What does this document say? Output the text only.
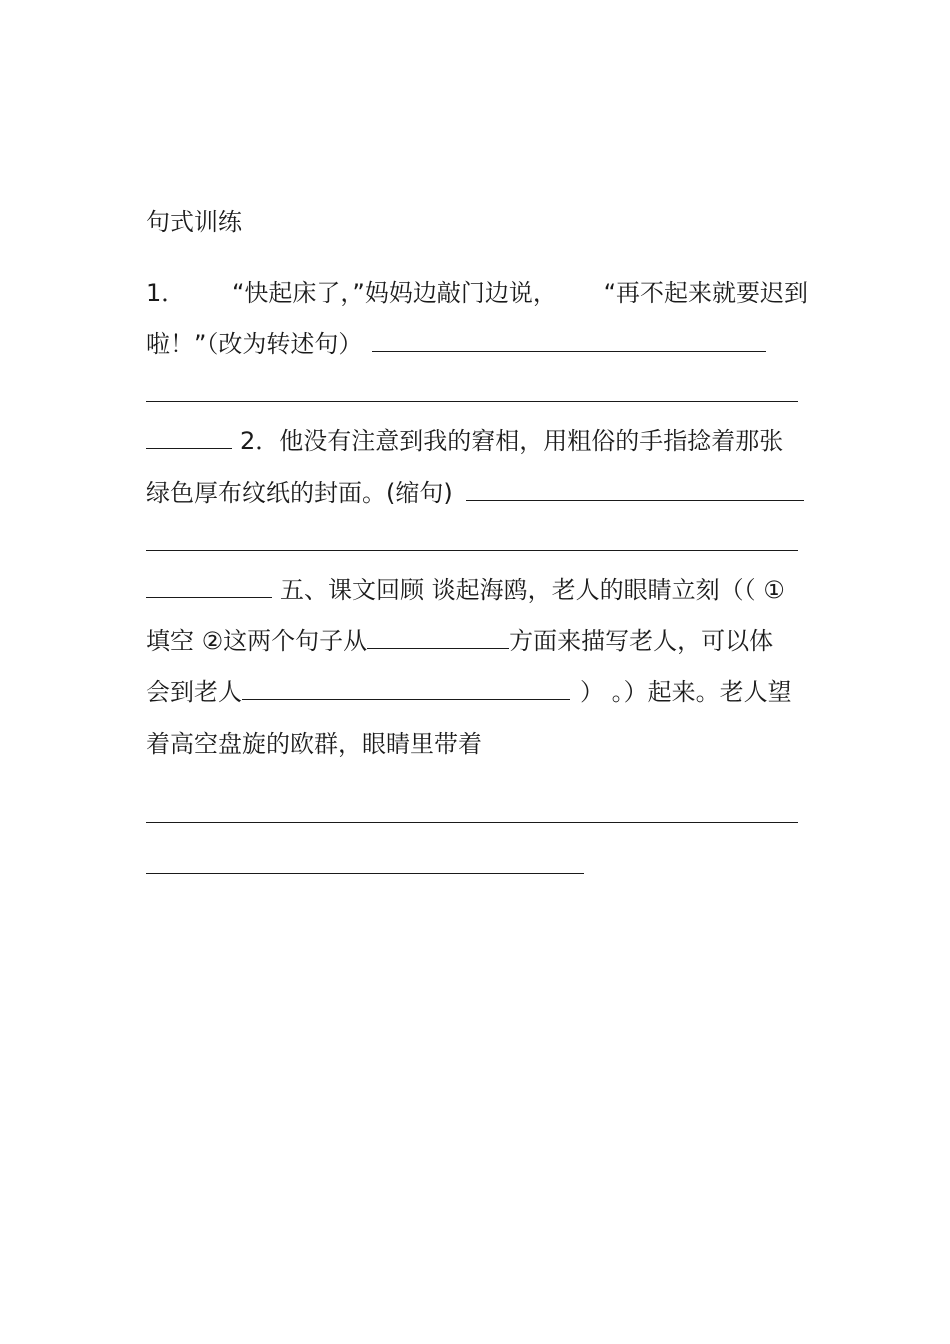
句式训练
1． “快起床了，”妈妈边敲门边说， “再不起来就要迟到
啦！”（改为转述句）
2．他没有注意到我的窘相，用粗俗的手指捻着那张
绿色厚布纹纸的封面。(缩句)
五、课文回顾 谈起海鸥，老人的眼睛立刻（（ ①
填空 ②这两个句子从	方面来描写老人，可以体
会到老人	） 。）起来。老人望
着高空盘旋的欧群，眼睛里带着
